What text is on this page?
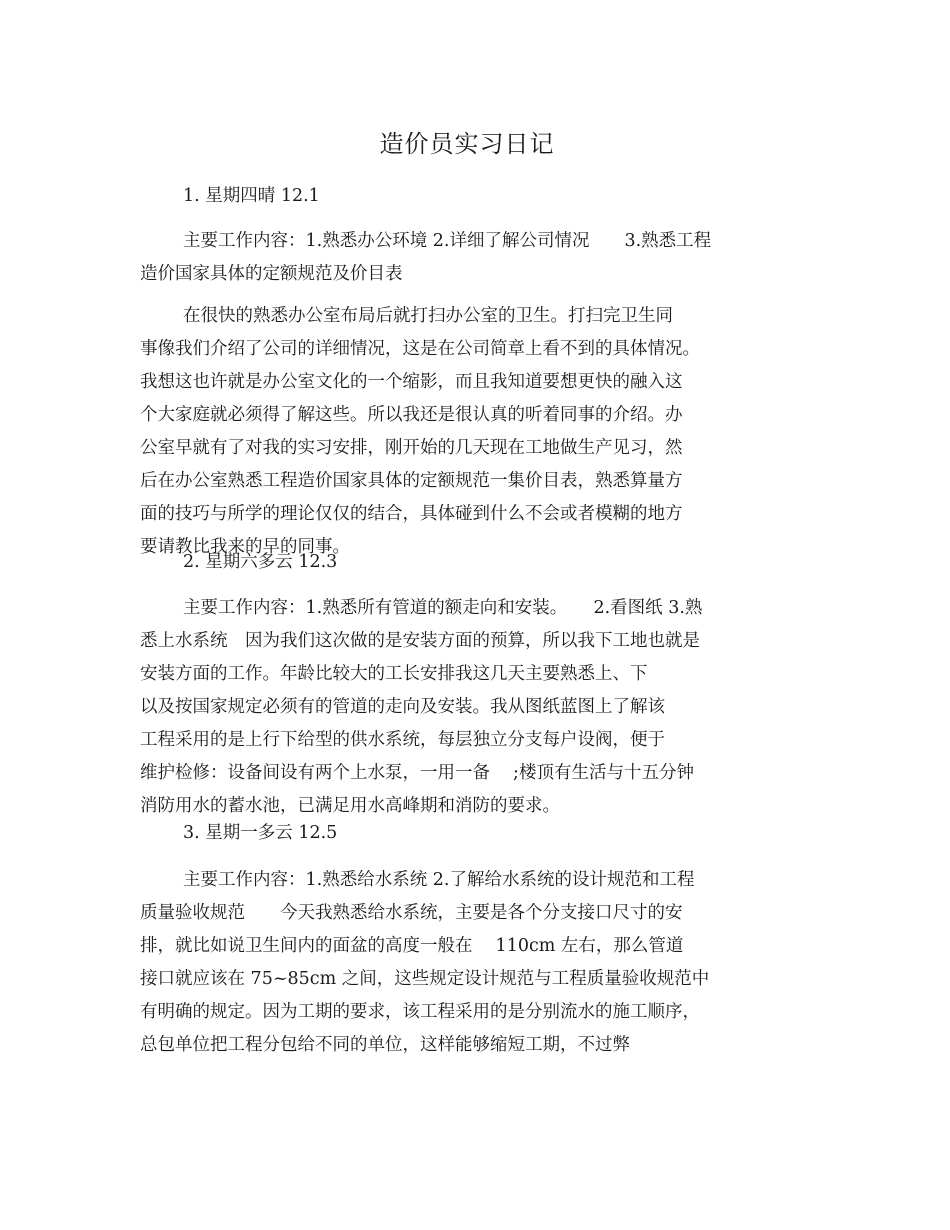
造价员实习日记
1. 星期四晴 12.1
主要工作内容：1.熟悉办公环境 2.详细了解公司情况　　3.熟悉工程
造价国家具体的定额规范及价目表
在很快的熟悉办公室布局后就打扫办公室的卫生。打扫完卫生同
事像我们介绍了公司的详细情况，这是在公司简章上看不到的具体情况。
我想这也许就是办公室文化的一个缩影，而且我知道要想更快的融入这
个大家庭就必须得了解这些。所以我还是很认真的听着同事的介绍。办
公室早就有了对我的实习安排，刚开始的几天现在工地做生产见习，然
后在办公室熟悉工程造价国家具体的定额规范一集价目表，熟悉算量方
面的技巧与所学的理论仅仅的结合，具体碰到什么不会或者模糊的地方
要请教比我来的早的同事。
2. 星期六多云 12.3
主要工作内容：1.熟悉所有管道的额走向和安装。　　2.看图纸 3.熟
悉上水系统　因为我们这次做的是安装方面的预算，所以我下工地也就是
安装方面的工作。年龄比较大的工长安排我这几天主要熟悉上、下
以及按国家规定必须有的管道的走向及安装。我从图纸蓝图上了解该
工程采用的是上行下给型的供水系统，每层独立分支每户设阀，便于
维护检修：设备间设有两个上水泵，一用一备　 ;楼顶有生活与十五分钟
消防用水的蓄水池，已满足用水高峰期和消防的要求。
3. 星期一多云 12.5
主要工作内容：1.熟悉给水系统 2.了解给水系统的设计规范和工程
质量验收规范　　今天我熟悉给水系统，主要是各个分支接口尺寸的安
排，就比如说卫生间内的面盆的高度一般在　 110cm 左右，那么管道
接口就应该在 75~85cm 之间，这些规定设计规范与工程质量验收规范中
有明确的规定。因为工期的要求，该工程采用的是分别流水的施工顺序，
总包单位把工程分包给不同的单位，这样能够缩短工期，不过弊
